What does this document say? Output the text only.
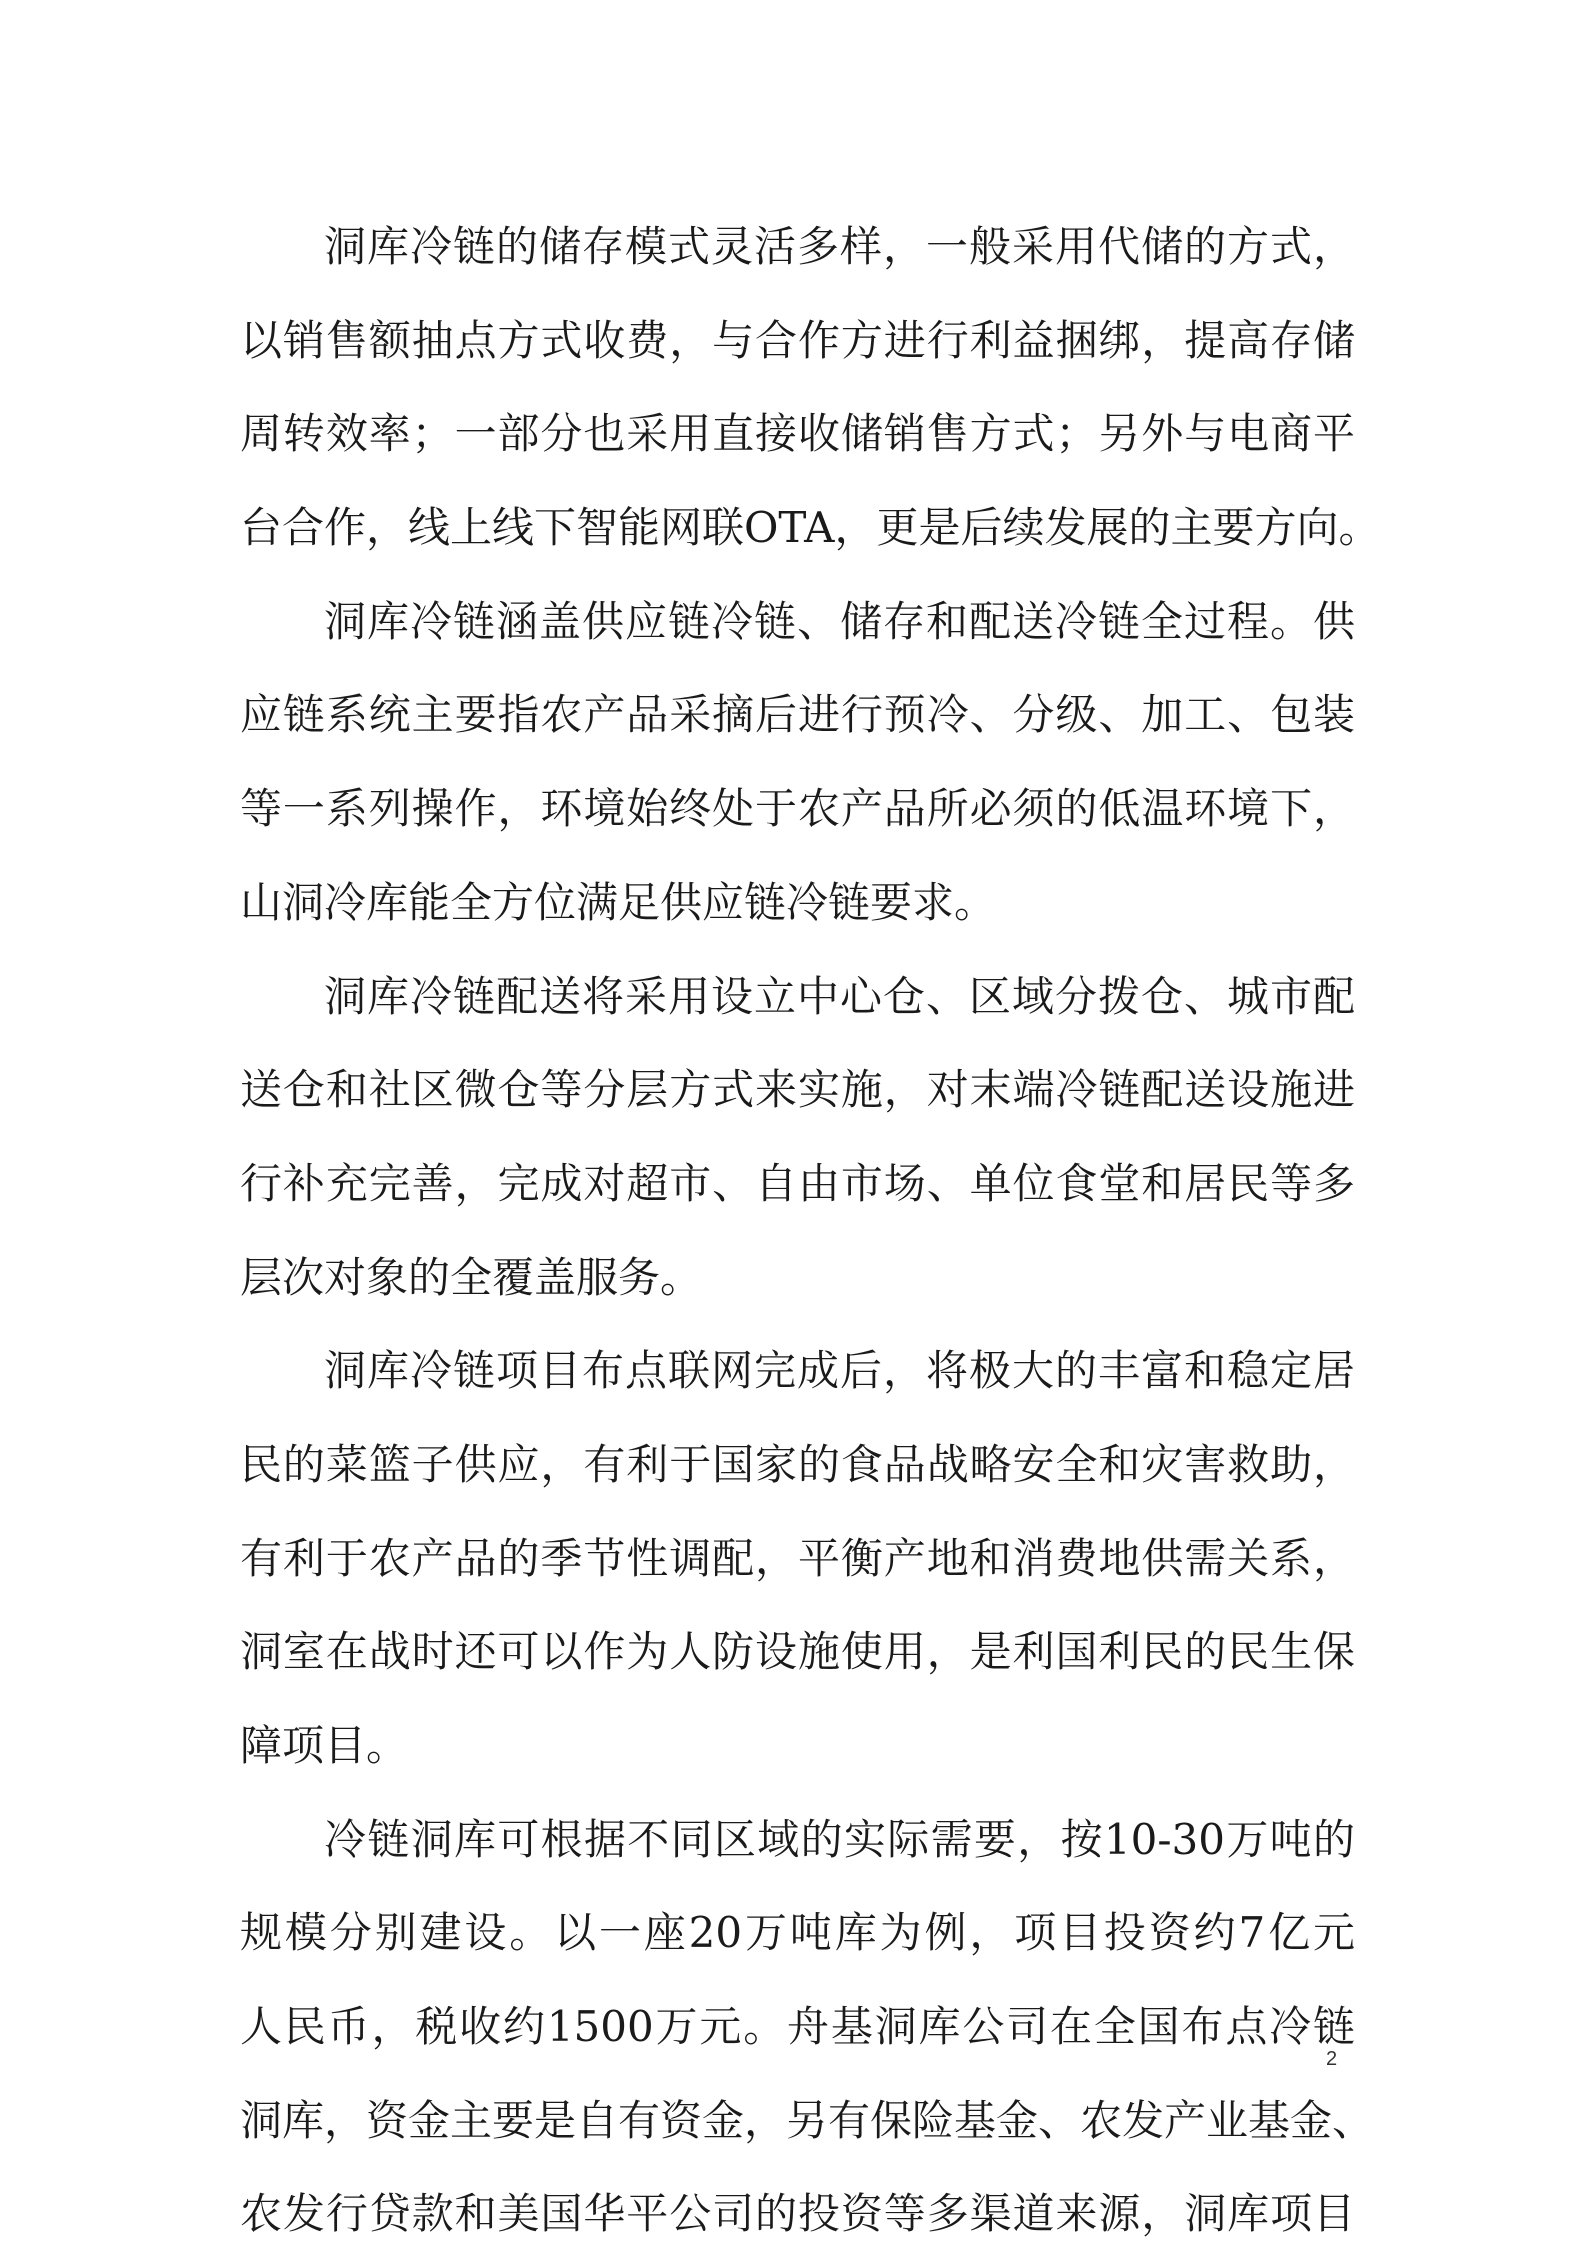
洞库冷链的储存模式灵活多样，一般采用代储的方式，
以销售额抽点方式收费，与合作方进行利益捆绑，提高存储
周转效率；一部分也采用直接收储销售方式；另外与电商平
台合作，线上线下智能网联OTA，更是后续发展的主要方向。
洞库冷链涵盖供应链冷链、储存和配送冷链全过程。供
应链系统主要指农产品采摘后进行预冷、分级、加工、包装
等一系列操作，环境始终处于农产品所必须的低温环境下，
山洞冷库能全方位满足供应链冷链要求。
洞库冷链配送将采用设立中心仓、区域分拨仓、城市配
送仓和社区微仓等分层方式来实施，对末端冷链配送设施进
行补充完善，完成对超市、自由市场、单位食堂和居民等多
层次对象的全覆盖服务。
洞库冷链项目布点联网完成后，将极大的丰富和稳定居
民的菜篮子供应，有利于国家的食品战略安全和灾害救助，
有利于农产品的季节性调配，平衡产地和消费地供需关系，
洞室在战时还可以作为人防设施使用，是利国利民的民生保
障项目。
冷链洞库可根据不同区域的实际需要，按10-30万吨的
规模分别建设。以一座20万吨库为例，项目投资约7亿元
人民币，税收约1500万元。舟基洞库公司在全国布点冷链
洞库，资金主要是自有资金，另有保险基金、农发产业基金、
农发行贷款和美国华平公司的投资等多渠道来源，洞库项目
2
